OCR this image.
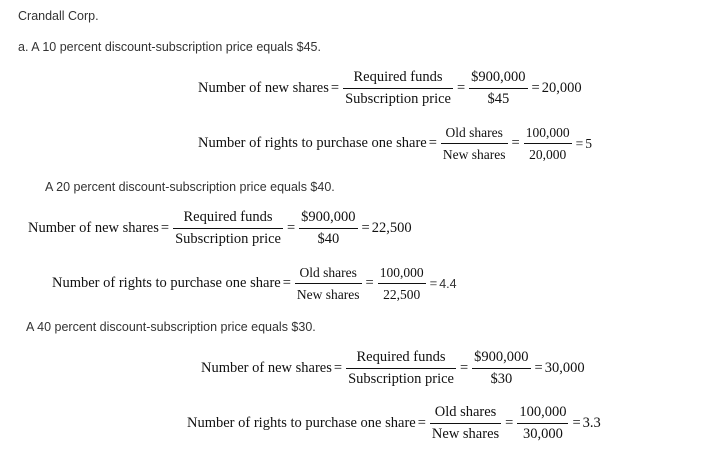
Crandall Corp.
a. A 10 percent discount-subscription price equals $45.
Number of new shares = $\frac{\text{Required funds}}{\text{Subscription price}} = \frac{\$900,000}{\$45} = 20,000$
Number of rights to purchase one share = $\frac{\text{Old shares}}{\text{New shares}} = \frac{100,000}{20,000} = 5$
A 20 percent discount-subscription price equals $40.
Number of new shares = $\frac{\text{Required funds}}{\text{Subscription price}} = \frac{\$900,000}{\$40} = 22,500$
Number of rights to purchase one share = $\frac{\text{Old shares}}{\text{New shares}} = \frac{100,000}{22,500} = 4.4$
A 40 percent discount-subscription price equals $30.
Number of new shares = $\frac{\text{Required funds}}{\text{Subscription price}} = \frac{\$900,000}{\$30} = 30,000$
Number of rights to purchase one share = $\frac{\text{Old shares}}{\text{New shares}} = \frac{100,000}{30,000} = 3.3$
